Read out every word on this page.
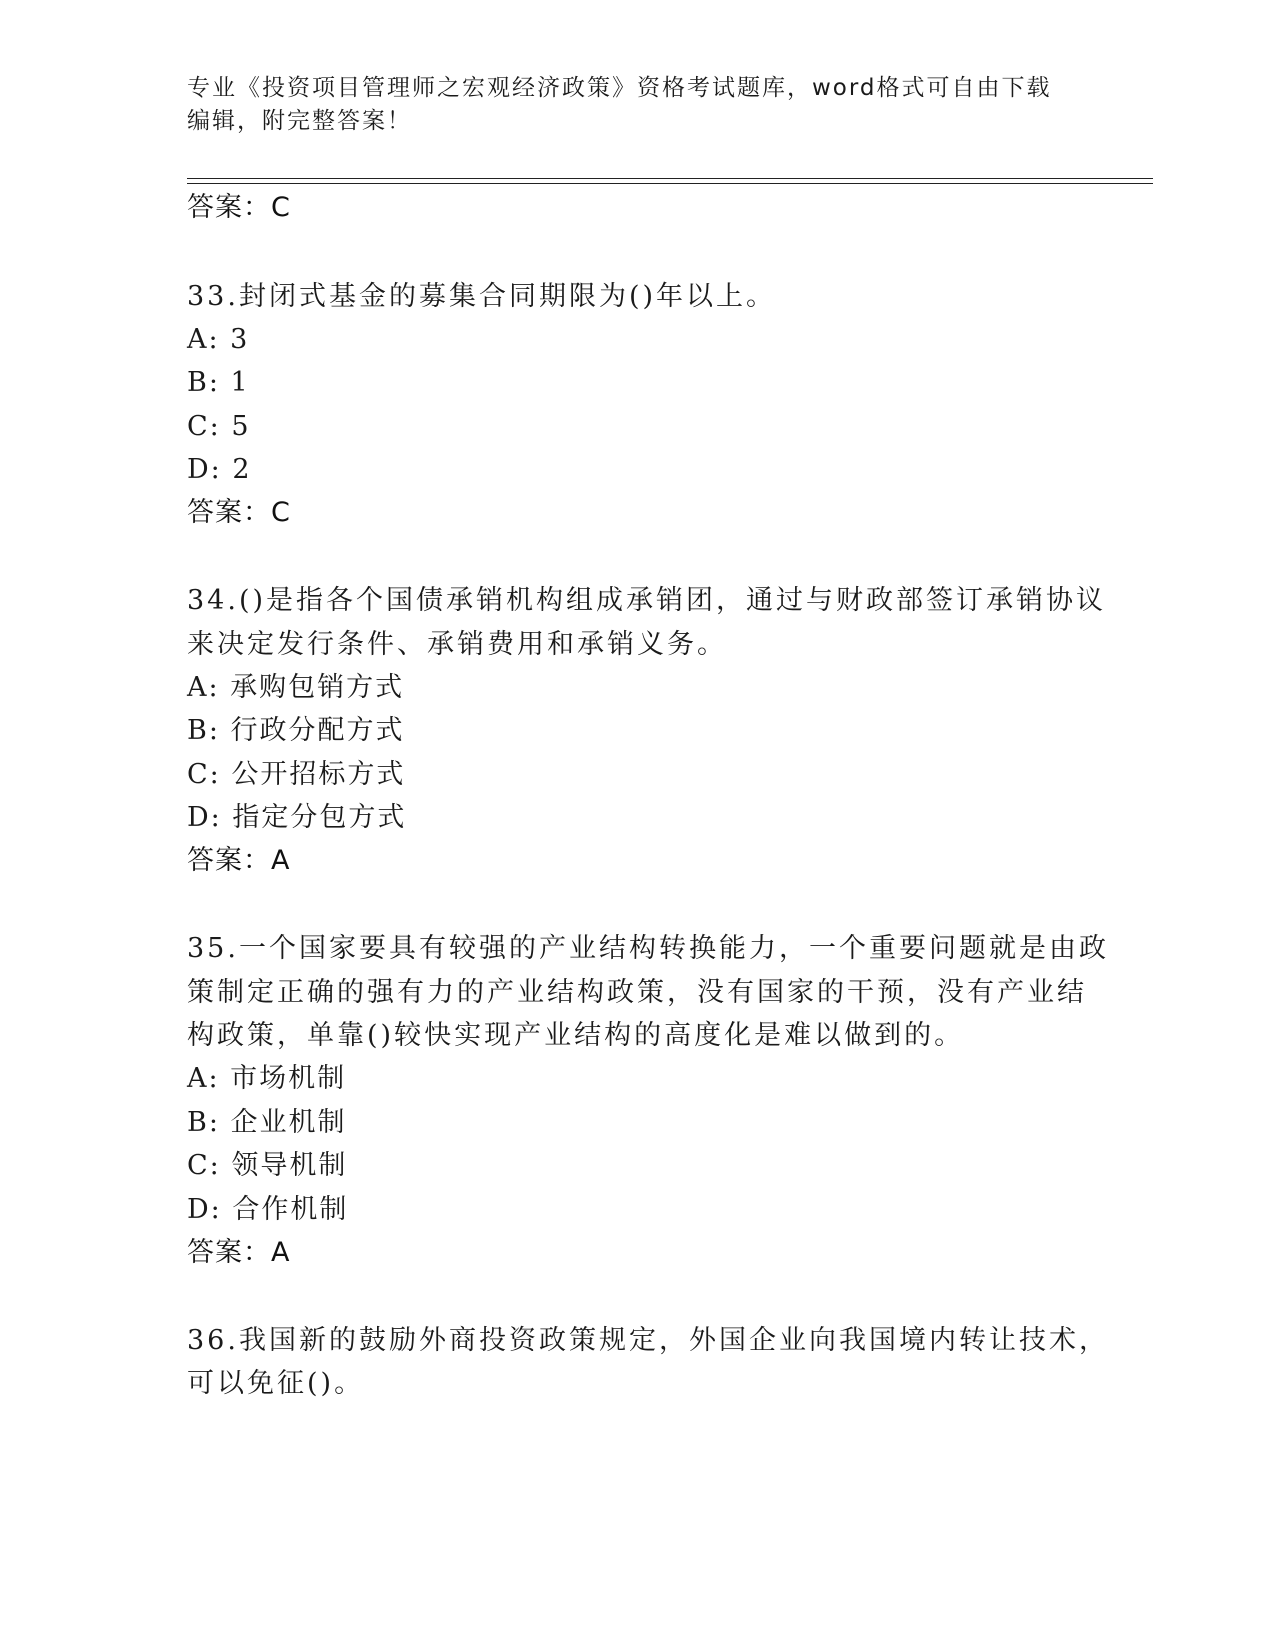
专业《投资项目管理师之宏观经济政策》资格考试题库，word格式可自由下载编辑，附完整答案！
答案：C
33.封闭式基金的募集合同期限为()年以上。
A: 3
B: 1
C: 5
D: 2
答案：C
34.()是指各个国债承销机构组成承销团，通过与财政部签订承销协议
来决定发行条件、承销费用和承销义务。
A: 承购包销方式
B: 行政分配方式
C: 公开招标方式
D: 指定分包方式
答案：A
35.一个国家要具有较强的产业结构转换能力，一个重要问题就是由政
策制定正确的强有力的产业结构政策，没有国家的干预，没有产业结
构政策，单靠()较快实现产业结构的高度化是难以做到的。
A: 市场机制
B: 企业机制
C: 领导机制
D: 合作机制
答案：A
36.我国新的鼓励外商投资政策规定，外国企业向我国境内转让技术，
可以免征()。
